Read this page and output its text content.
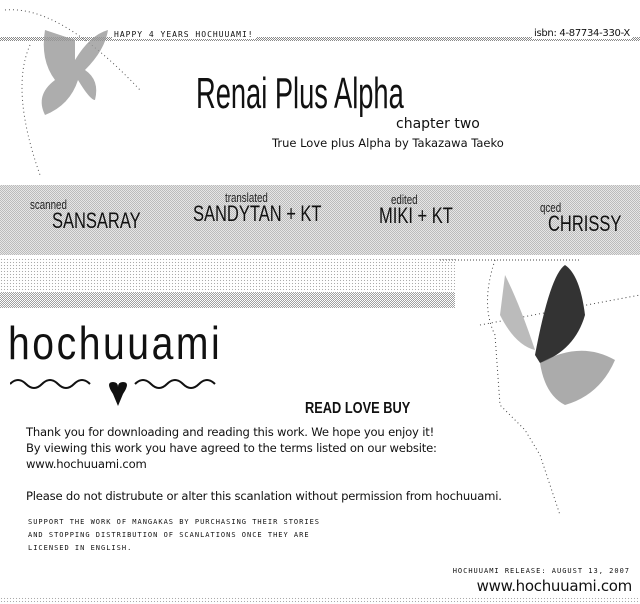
HAPPY 4 YEARS HOCHUUAMI!	isbn: 4-87734-330-X
Renai Plus Alpha
chapter two
True Love plus Alpha by Takazawa Taeko
scanned
SANSARAY
translated
SANDYTAN + KT
edited
MIKI + KT	qced
CHRISSY
hochuuami
READ LOVE BUY
Thank you for downloading and reading this work. We hope you enjoy it!
By viewing this work you have agreed to the terms listed on our website:
www.hochuuami.com
Please do not distrubute or alter this scanlation without permission from hochuuami.
SUPPORT THE WORK OF MANGAKAS BY PURCHASING THEIR STORIES
AND STOPPING DISTRIBUTION OF SCANLATIONS ONCE THEY ARE
LICENSED IN ENGLISH.
HOCHUUAMI RELEASE: AUGUST 13, 2007
www.hochuuami.com
